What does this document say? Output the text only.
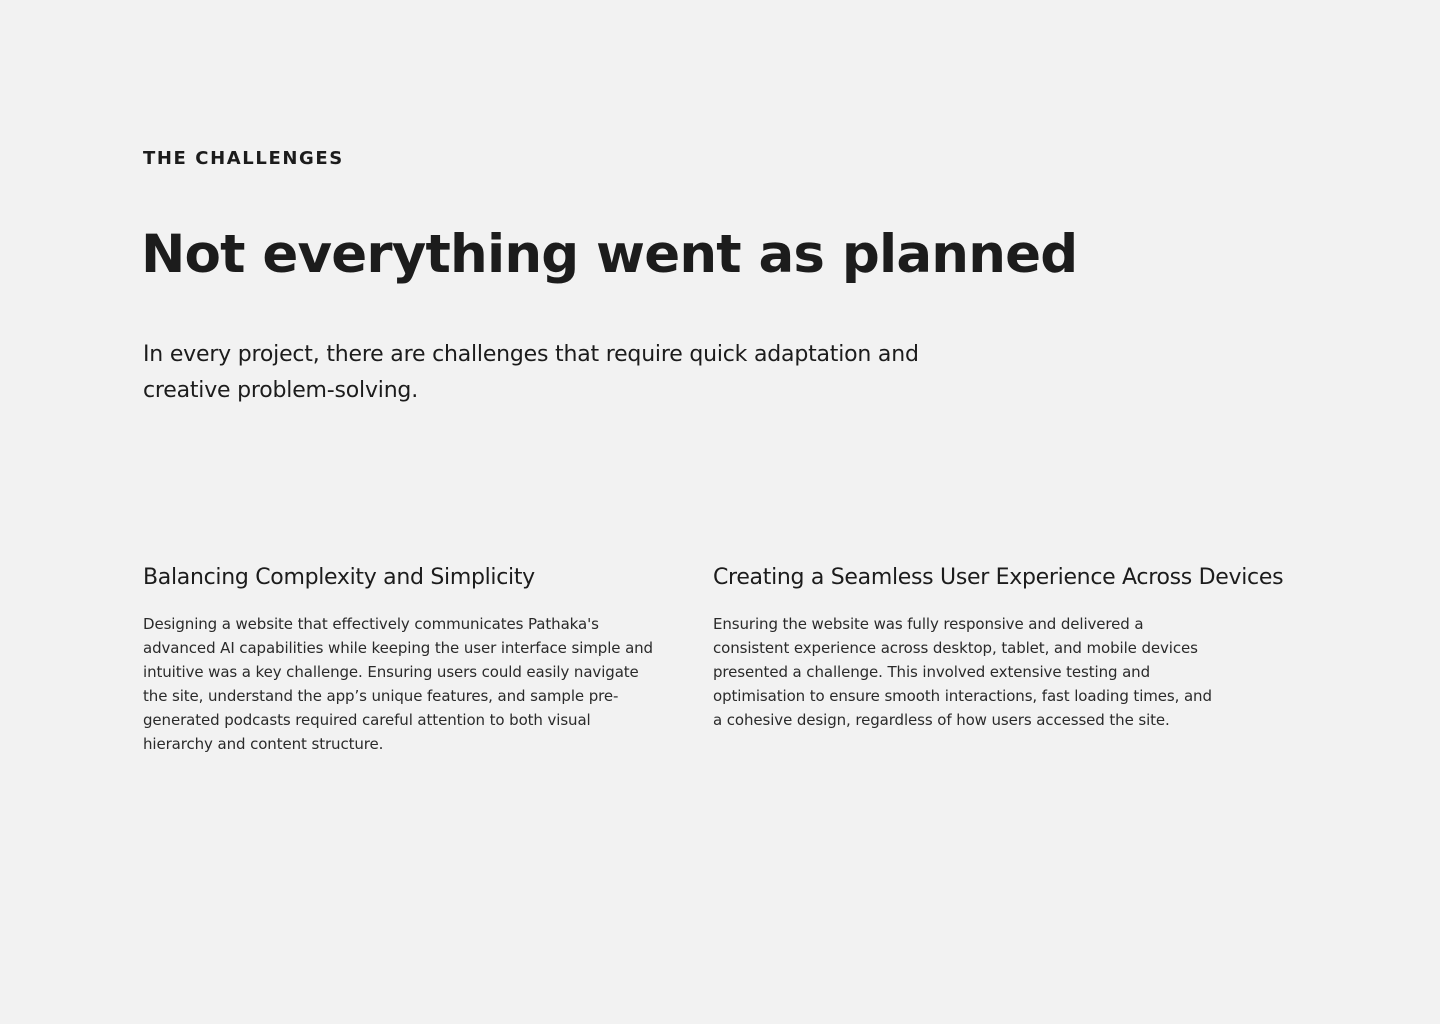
THE CHALLENGES

Not everything went as planned

In every project, there are challenges that require quick adaptation and creative problem-solving.

Balancing Complexity and Simplicity

Designing a website that effectively communicates Pathaka's advanced AI capabilities while keeping the user interface simple and intuitive was a key challenge. Ensuring users could easily navigate the site, understand the app’s unique features, and sample pre-generated podcasts required careful attention to both visual hierarchy and content structure.

Creating a Seamless User Experience Across Devices

Ensuring the website was fully responsive and delivered a consistent experience across desktop, tablet, and mobile devices presented a challenge. This involved extensive testing and optimisation to ensure smooth interactions, fast loading times, and a cohesive design, regardless of how users accessed the site.
